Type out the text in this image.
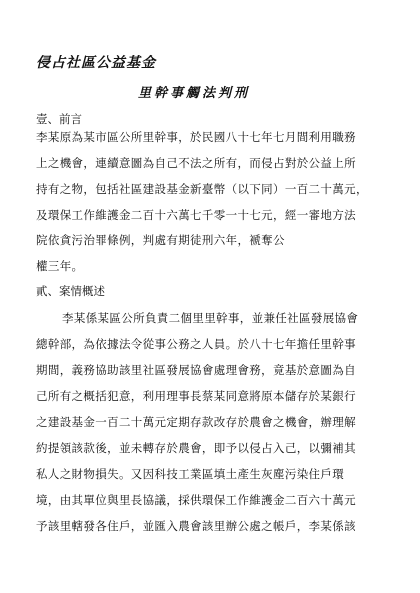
侵占社區公益基金
里幹事觸法判刑
壹、前言
李某原為某市區公所里幹事，於民國八十七年七月間利用職務
上之機會，連續意圖為自己不法之所有，而侵占對於公益上所
持有之物，包括社區建設基金新臺幣（以下同）一百二十萬元，
及環保工作維護金二百十六萬七千零一十七元，經一審地方法
院依貪污治罪條例，判處有期徒刑六年，褫奪公
權三年。
貳、案情概述
李某係某區公所負責二個里里幹事，並兼任社區發展協會
總幹部，為依據法令從事公務之人員。於八十七年擔任里幹事
期間，義務協助該里社區發展協會處理會務，竟基於意圖為自
己所有之概括犯意，利用理事長蔡某同意將原本儲存於某銀行
之建設基金一百二十萬元定期存款改存於農會之機會，辦理解
約提領該款後，並未轉存於農會，即予以侵占入己，以彌補其
私人之財物損失。又因科技工業區填土產生灰塵污染住戶環
境，由其單位與里長協議，採供環保工作維護金二百六十萬元
予該里轄發各住戶，並匯入農會該里辦公處之帳戶，李某係該
